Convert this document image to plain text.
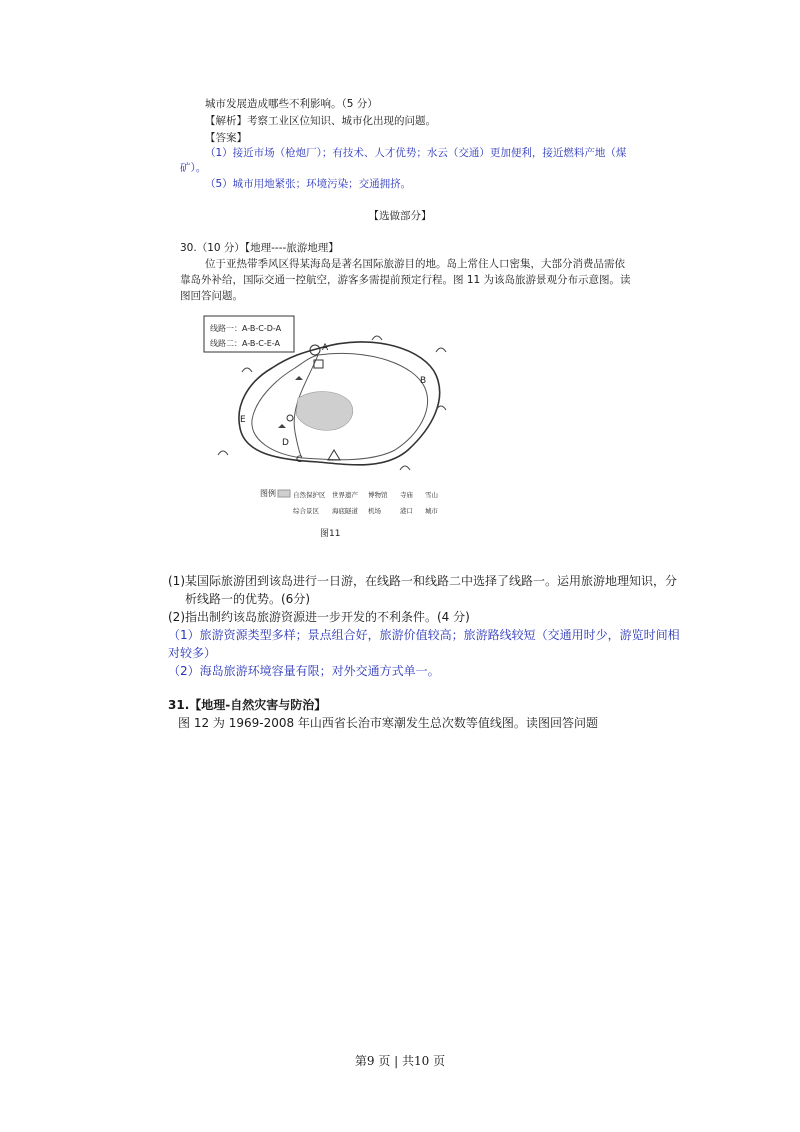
城市发展造成哪些不利影响。（5 分）
【解析】考察工业区位知识、城市化出现的问题。
【答案】
（1）接近市场（枪炮厂）；有技术、人才优势；水云（交通）更加便利，接近燃料产地（煤
矿）。
（5）城市用地紧张；环境污染；交通拥挤。
【选做部分】
30.（10 分）【地理----旅游地理】
位于亚热带季风区得某海岛是著名国际旅游目的地。岛上常住人口密集，大部分消费品需依
靠岛外补给，国际交通一控航空，游客多需提前预定行程。图 11 为该岛旅游景观分布示意图。读
图回答问题。
线路一：A-B-C-D-A
线路二：A-B-C-E-A	A
B
C
D
E
图例	自然保护区 世界遗产 博物馆 寺庙 雪山
综合景区 海底隧道 机场	港口 城市
图11
(1)某国际旅游团到该岛进行一日游，在线路一和线路二中选择了线路一。运用旅游地理知识，分
析线路一的优势。(6分)
(2)指出制约该岛旅游资源进一步开发的不利条件。(4 分)
（1）旅游资源类型多样；景点组合好，旅游价值较高；旅游路线较短（交通用时少，游览时间相
对较多）
（2）海岛旅游环境容量有限；对外交通方式单一。
31.【地理-自然灾害与防治】
图 12 为 1969-2008 年山西省长治市寒潮发生总次数等值线图。读图回答问题
第9 页 | 共10 页
